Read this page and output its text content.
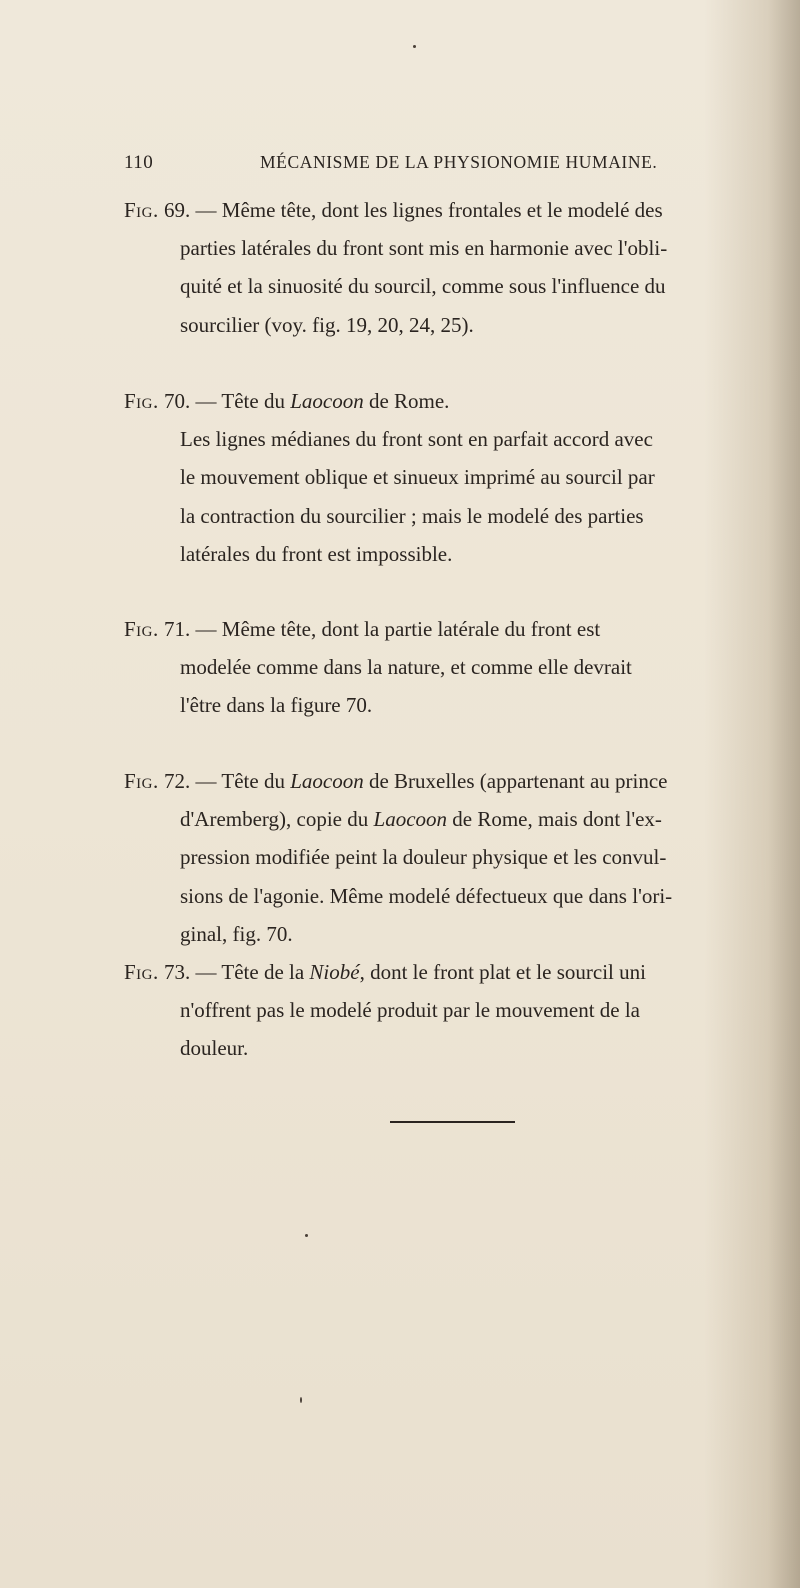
110	MÉCANISME DE LA PHYSIONOMIE HUMAINE.
Fig. 69. — Même tête, dont les lignes frontales et le modelé des
parties latérales du front sont mis en harmonie avec l'obli-
quité et la sinuosité du sourcil, comme sous l'influence du
sourcilier (voy. fig. 19, 20, 24, 25).
Fig. 70. — Tête du Laocoon de Rome.
Les lignes médianes du front sont en parfait accord avec
le mouvement oblique et sinueux imprimé au sourcil par
la contraction du sourcilier ; mais le modelé des parties
latérales du front est impossible.
Fig. 71. — Même tête, dont la partie latérale du front est
modelée comme dans la nature, et comme elle devrait
l'être dans la figure 70.
Fig. 72. — Tête du Laocoon de Bruxelles (appartenant au prince
d'Aremberg), copie du Laocoon de Rome, mais dont l'ex-
pression modifiée peint la douleur physique et les convul-
sions de l'agonie. Même modelé défectueux que dans l'ori-
ginal, fig. 70.
Fig. 73. — Tête de la Niobé, dont le front plat et le sourcil uni
n'offrent pas le modelé produit par le mouvement de la
douleur.
